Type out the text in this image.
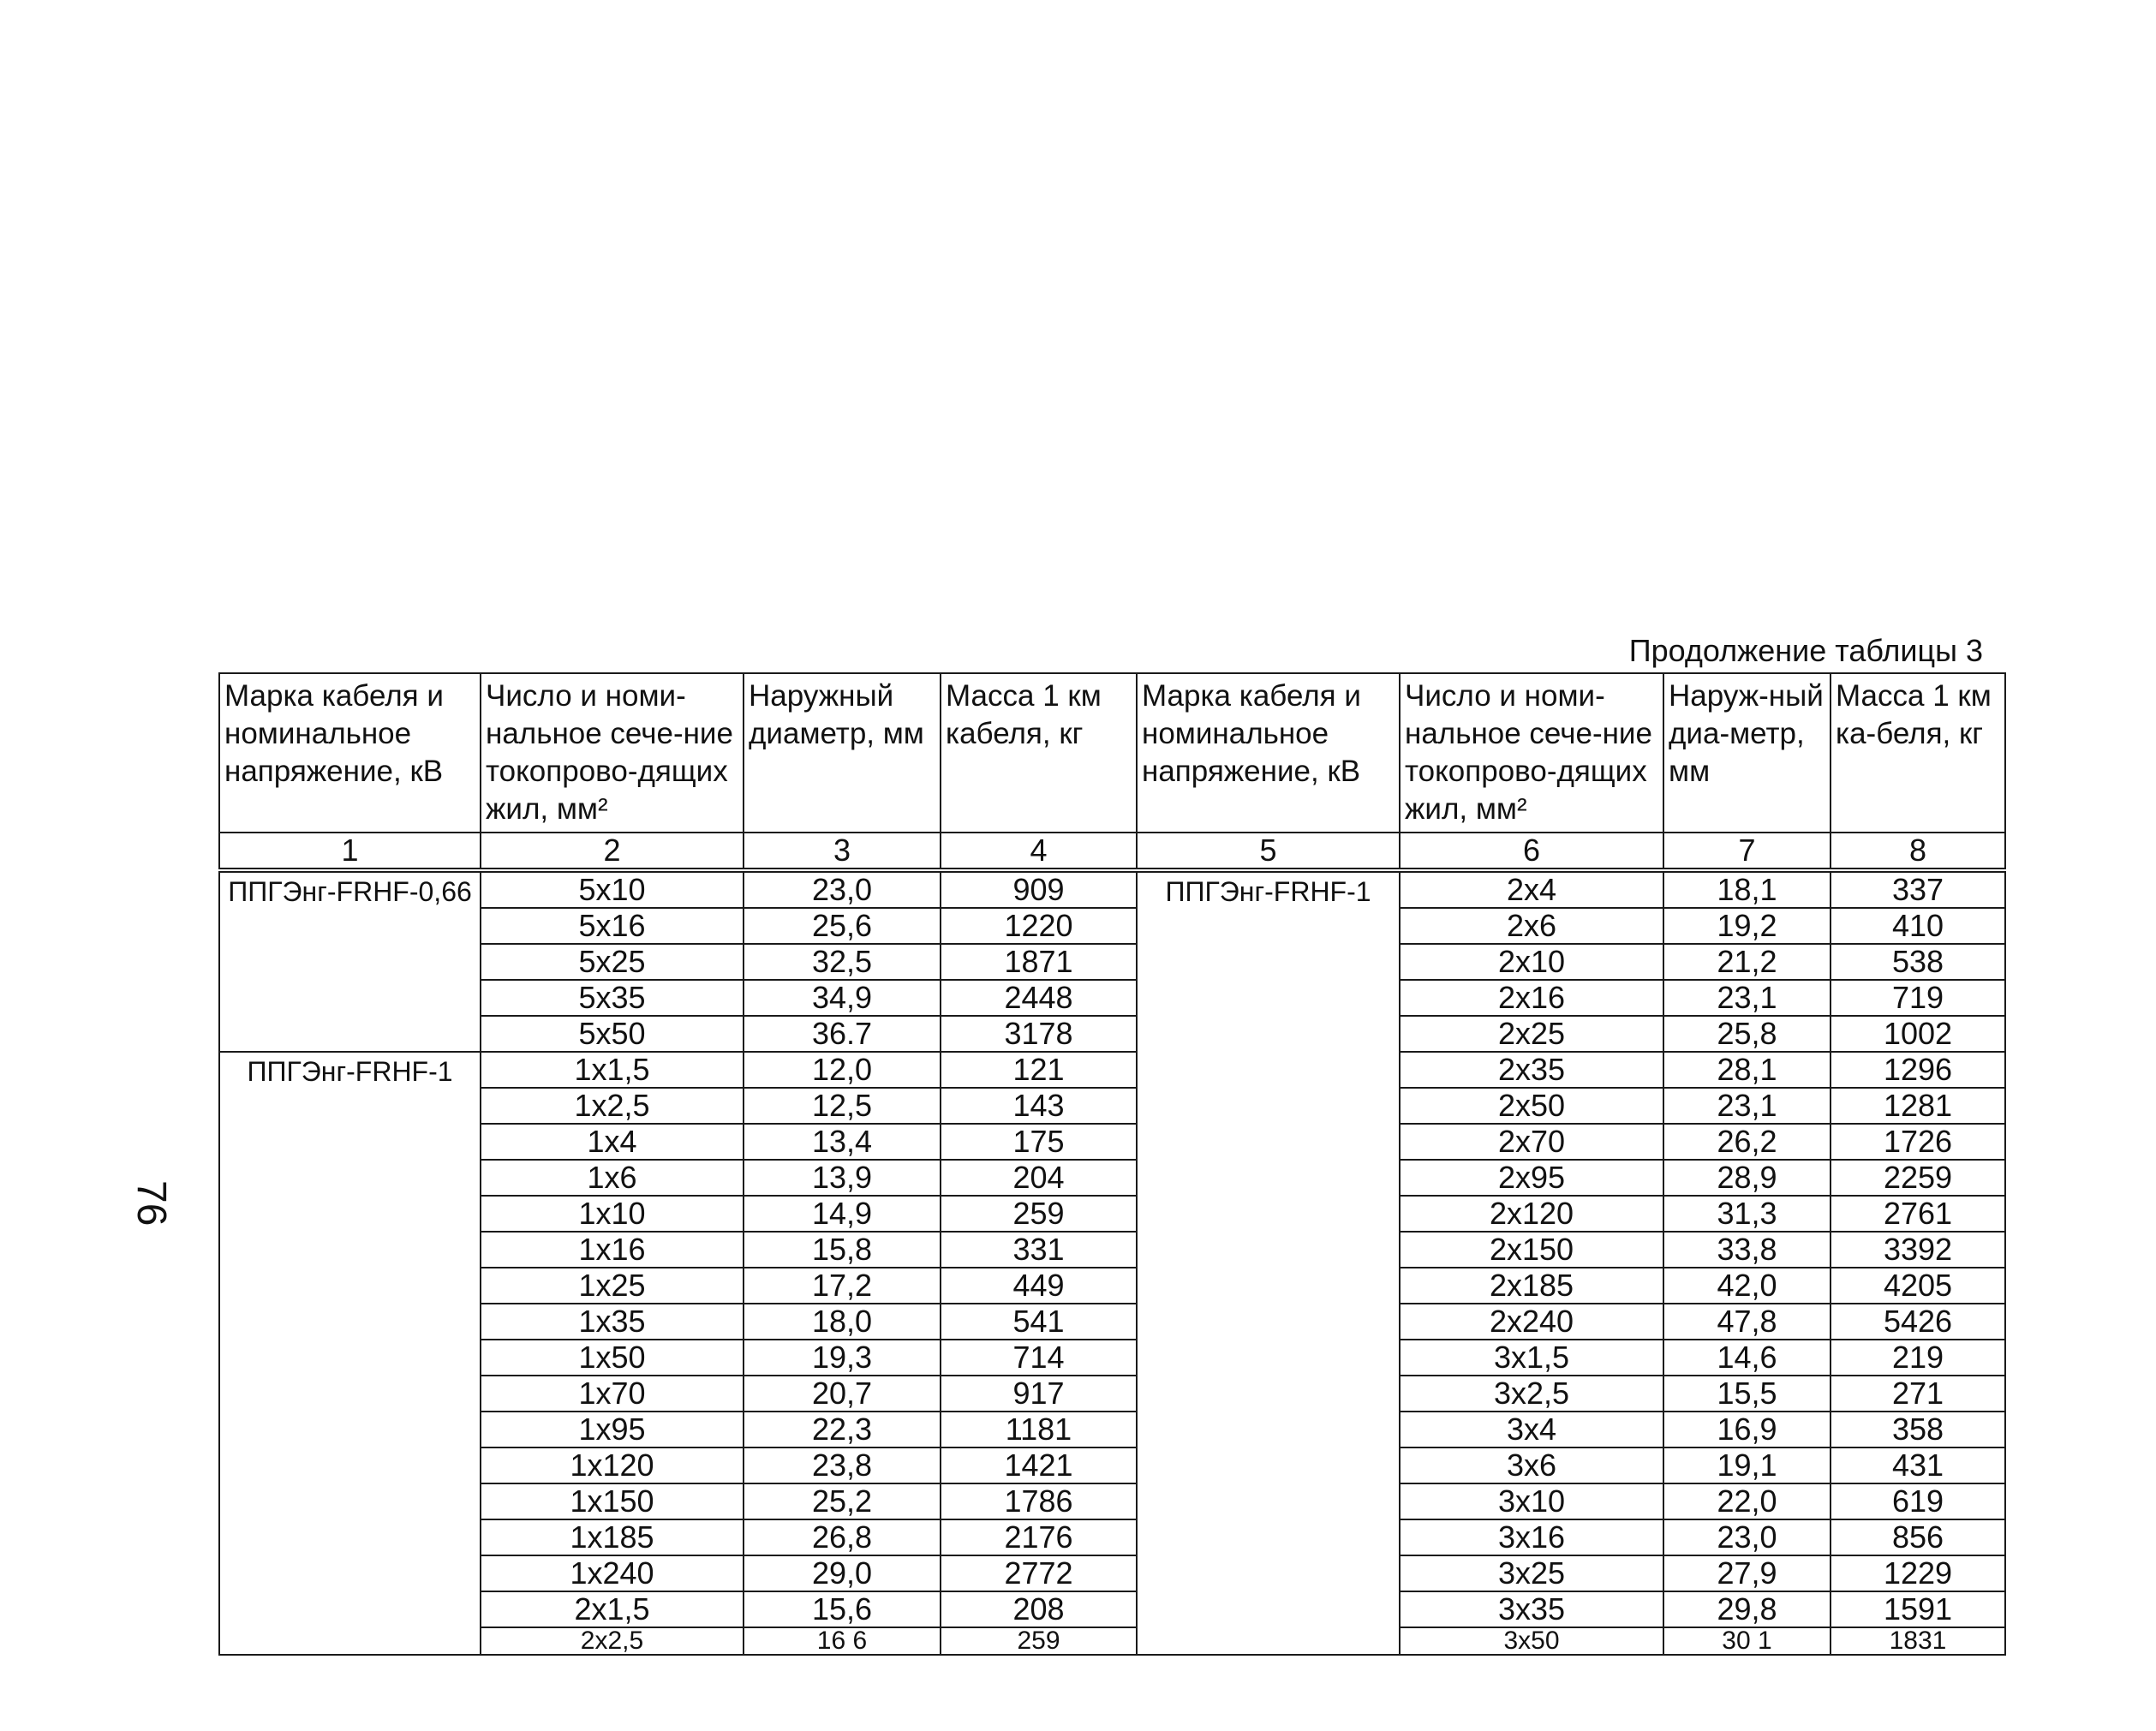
76
Продолжение таблицы 3
Марка кабеля и номинальное напряжение, кВ	Число и номи-нальное сече-ние токопрово-дящих жил, мм²	Наружный диаметр, мм	Масса 1 км кабеля, кг	Марка кабеля и номинальное напряжение, кВ	Число и номи-нальное сече-ние токопрово-дящих жил, мм²	Наруж-ный диа-метр, мм	Масса 1 км ка-беля, кг
1	2	3	4	5	6	7	8
ППГЭнг-FRHF-0,66	5x10	23,0	909	ППГЭнг-FRHF-1	2x4	18,1	337
	5x16	25,6	1220		2x6	19,2	410
	5x25	32,5	1871		2x10	21,2	538
	5x35	34,9	2448		2x16	23,1	719
	5x50	36.7	3178		2x25	25,8	1002
ППГЭнг-FRHF-1	1x1,5	12,0	121		2x35	28,1	1296
	1x2,5	12,5	143		2x50	23,1	1281
	1x4	13,4	175		2x70	26,2	1726
	1x6	13,9	204		2x95	28,9	2259
	1x10	14,9	259		2x120	31,3	2761
	1x16	15,8	331		2x150	33,8	3392
	1x25	17,2	449		2x185	42,0	4205
	1x35	18,0	541		2x240	47,8	5426
	1x50	19,3	714		3x1,5	14,6	219
	1x70	20,7	917		3x2,5	15,5	271
	1x95	22,3	1181		3x4	16,9	358
	1x120	23,8	1421		3x6	19,1	431
	1x150	25,2	1786		3x10	22,0	619
	1x185	26,8	2176		3x16	23,0	856
	1x240	29,0	2772		3x25	27,9	1229
	2x1,5	15,6	208		3x35	29,8	1591
	2x2,5	16 6	259		3x50	30 1	1831
